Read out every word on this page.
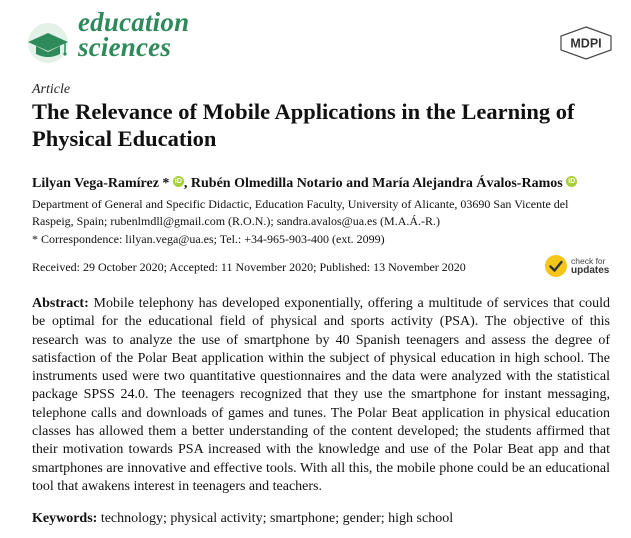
education
sciences	MDPI
Article
The Relevance of Mobile Applications in the Learning of Physical Education
Lilyan Vega-Ramírez * iD , Rubén Olmedilla Notario and María Alejandra Ávalos-Ramos iD
Department of General and Specific Didactic, Education Faculty, University of Alicante, 03690 San Vicente del Raspeig, Spain; rubenlmdll@gmail.com (R.O.N.); sandra.avalos@ua.es (M.A.Á.-R.)
* Correspondence: lilyan.vega@ua.es; Tel.: +34-965-903-400 (ext. 2099)
Received: 29 October 2020; Accepted: 11 November 2020; Published: 13 November 2020	check for
updates

Abstract: Mobile telephony has developed exponentially, offering a multitude of services that could be optimal for the educational field of physical and sports activity (PSA). The objective of this research was to analyze the use of smartphone by 40 Spanish teenagers and assess the degree of satisfaction of the Polar Beat application within the subject of physical education in high school. The instruments used were two quantitative questionnaires and the data were analyzed with the statistical package SPSS 24.0. The teenagers recognized that they use the smartphone for instant messaging, telephone calls and downloads of games and tunes. The Polar Beat application in physical education classes has allowed them a better understanding of the content developed; the students affirmed that their motivation towards PSA increased with the knowledge and use of the Polar Beat app and that smartphones are innovative and effective tools. With all this, the mobile phone could be an educational tool that awakens interest in teenagers and teachers.

Keywords: technology; physical activity; smartphone; gender; high school
